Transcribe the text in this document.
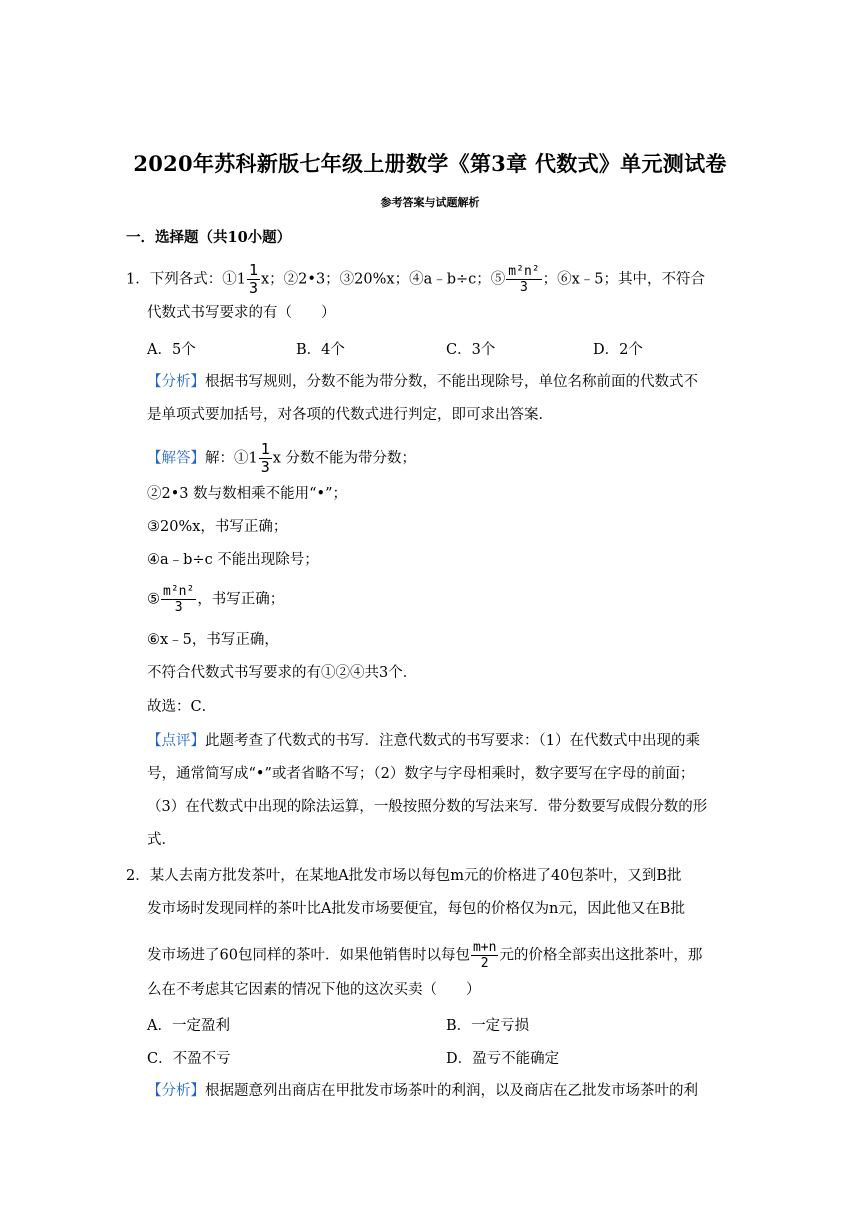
2020年苏科新版七年级上册数学《第3章 代数式》单元测试卷
参考答案与试题解析
一．选择题（共10小题）
1．下列各式：①1 $\frac{1}{3}$ x；②2•3；③20%x；④a﹣b÷c；⑤ $\frac{\text{m²n²}}{3}$ ；⑥x﹣5；其中，不符合
代数式书写要求的有（　　）
A．5个	B．4个	C．3个	D．2个
【分析】根据书写规则，分数不能为带分数，不能出现除号，单位名称前面的代数式不
是单项式要加括号，对各项的代数式进行判定，即可求出答案．
【解答】解：①1 $\frac{1}{3}$ x 分数不能为带分数；
②2•3 数与数相乘不能用“•”；
③20%x，书写正确；
④a﹣b÷c 不能出现除号；
⑤ $\frac{\text{m²n²}}{3}$ ，书写正确；
⑥x﹣5，书写正确，
不符合代数式书写要求的有①②④共3个．
故选：C．
【点评】此题考查了代数式的书写．注意代数式的书写要求：（1）在代数式中出现的乘
号，通常简写成“•”或者省略不写；（2）数字与字母相乘时，数字要写在字母的前面；
（3）在代数式中出现的除法运算，一般按照分数的写法来写．带分数要写成假分数的形
式．
2．某人去南方批发茶叶，在某地A批发市场以每包m元的价格进了40包茶叶，又到B批
发市场时发现同样的茶叶比A批发市场要便宜，每包的价格仅为n元，因此他又在B批
发市场进了60包同样的茶叶．如果他销售时以每包 $\frac{m+n}{2}$ 元的价格全部卖出这批茶叶，那
么在不考虑其它因素的情况下他的这次买卖（　　）
A．一定盈利	B．一定亏损
C．不盈不亏	D．盈亏不能确定
【分析】根据题意列出商店在甲批发市场茶叶的利润，以及商店在乙批发市场茶叶的利
